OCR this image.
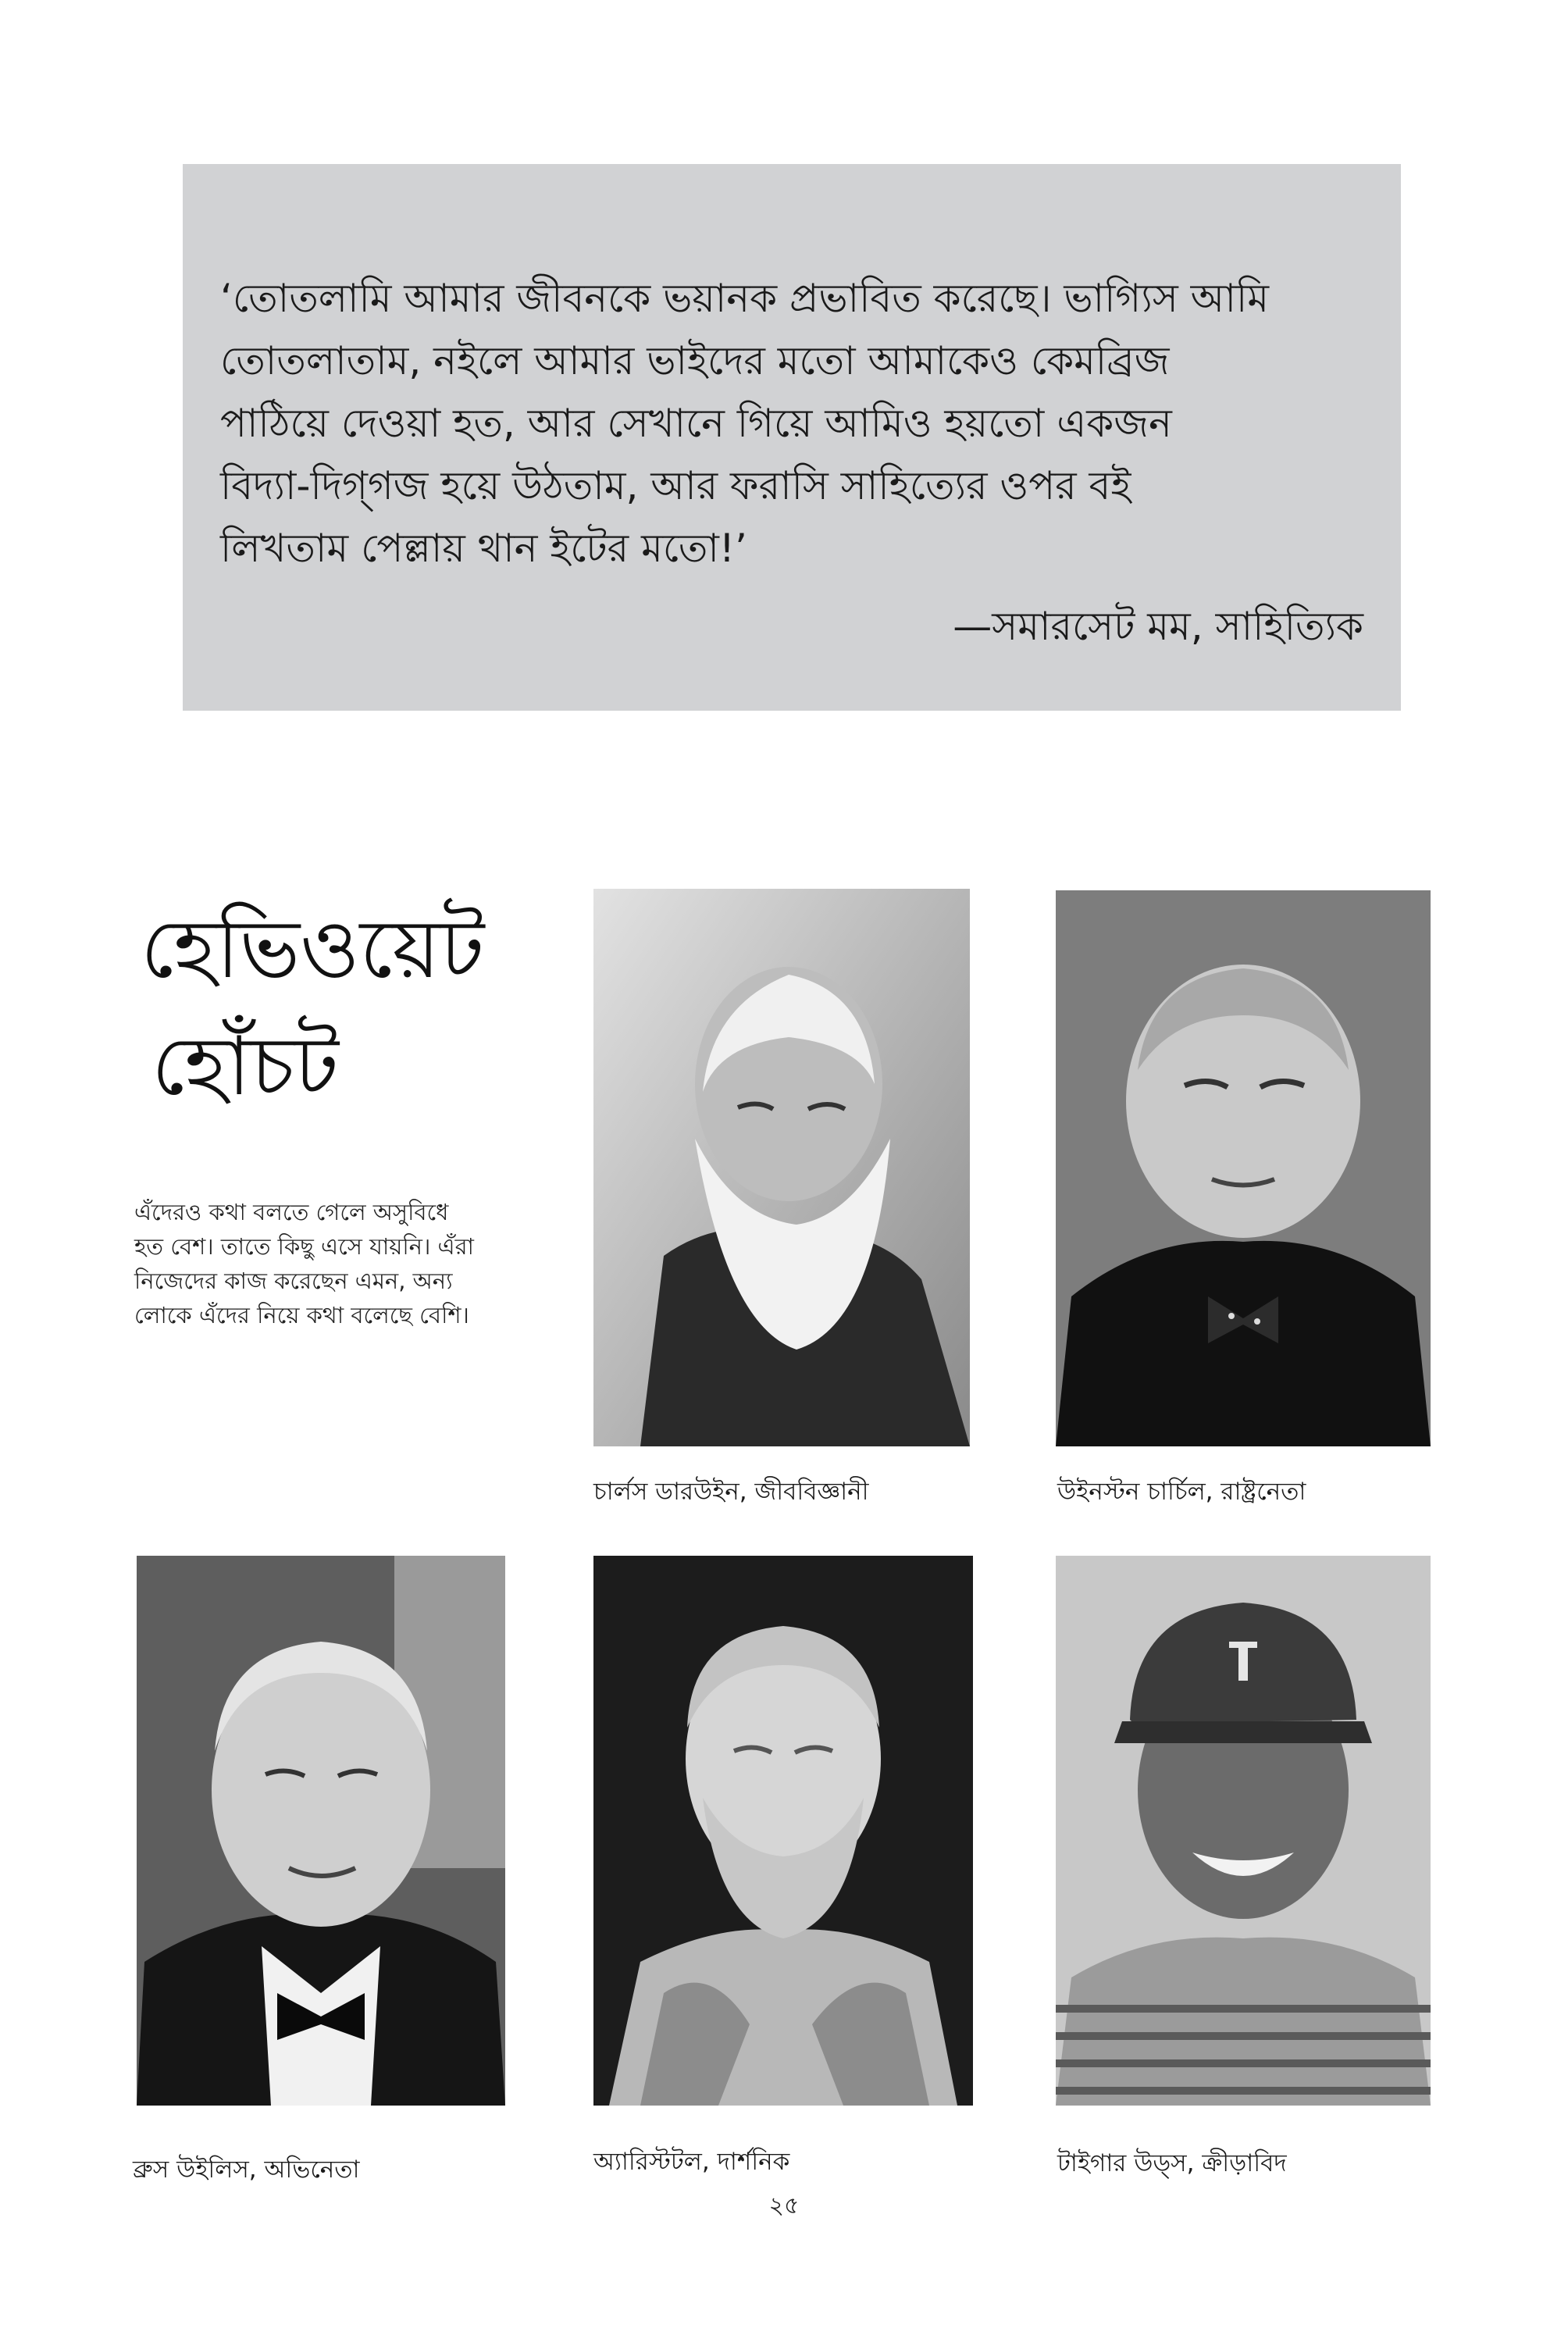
‘তোতলামি আমার জীবনকে ভয়ানক প্রভাবিত করেছে। ভাগ্যিস আমি
তোতলাতাম, নইলে আমার ভাইদের মতো আমাকেও কেমব্রিজ
পাঠিয়ে দেওয়া হত, আর সেখানে গিয়ে আমিও হয়তো একজন
বিদ্যা-দিগ্‌গজ হয়ে উঠতাম, আর ফরাসি সাহিত্যের ওপর বই
লিখতাম পেল্লায় থান ইটের মতো!’

—সমারসেট মম, সাহিত্যিক
হেভিওয়েট
হোঁচট
এঁদেরও কথা বলতে গেলে অসুবিধে
হত বেশ। তাতে কিছু এসে যায়নি। এঁরা
নিজেদের কাজ করেছেন এমন, অন্য
লোকে এঁদের নিয়ে কথা বলেছে বেশি।
চার্লস ডারউইন, জীববিজ্ঞানী	উইনস্টন চার্চিল, রাষ্ট্রনেতা
ব্রুস উইলিস, অভিনেতা	অ্যারিস্টটল, দার্শনিক	টাইগার উড্‌স, ক্রীড়াবিদ
২৫
